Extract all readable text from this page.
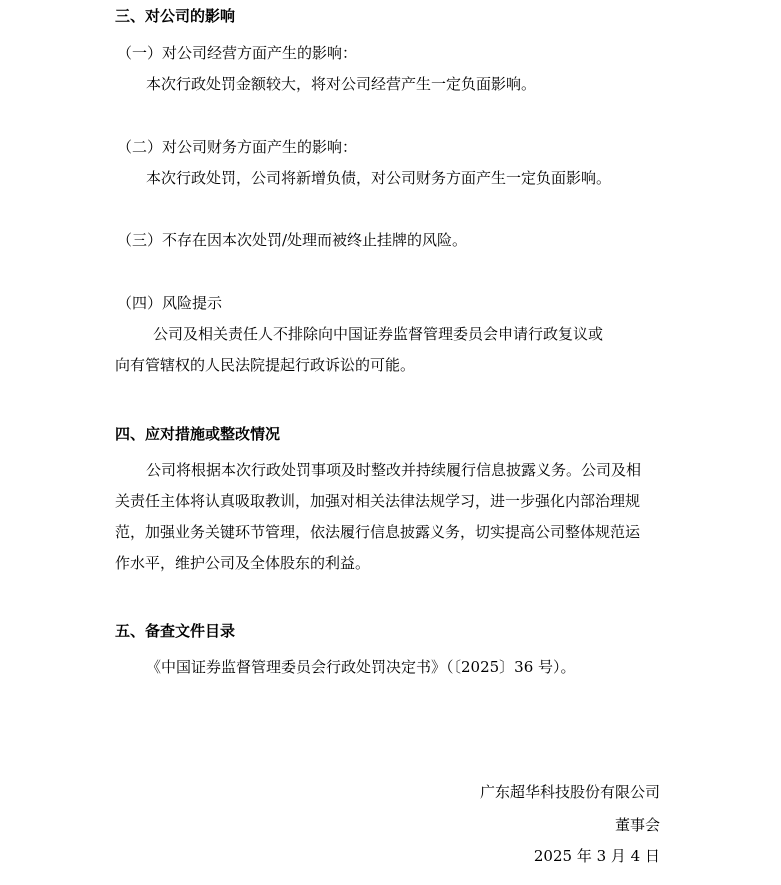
三、对公司的影响
（一）对公司经营方面产生的影响：
本次行政处罚金额较大，将对公司经营产生一定负面影响。
（二）对公司财务方面产生的影响：
本次行政处罚，公司将新增负债，对公司财务方面产生一定负面影响。
（三）不存在因本次处罚/处理而被终止挂牌的风险。
（四）风险提示
公司及相关责任人不排除向中国证券监督管理委员会申请行政复议或
向有管辖权的人民法院提起行政诉讼的可能。
四、应对措施或整改情况
公司将根据本次行政处罚事项及时整改并持续履行信息披露义务。公司及相
关责任主体将认真吸取教训，加强对相关法律法规学习，进一步强化内部治理规
范，加强业务关键环节管理，依法履行信息披露义务，切实提高公司整体规范运
作水平，维护公司及全体股东的利益。
五、备查文件目录
《中国证券监督管理委员会行政处罚决定书》（〔2025〕36 号）。
广东超华科技股份有限公司
董事会
2025 年 3 月 4 日
